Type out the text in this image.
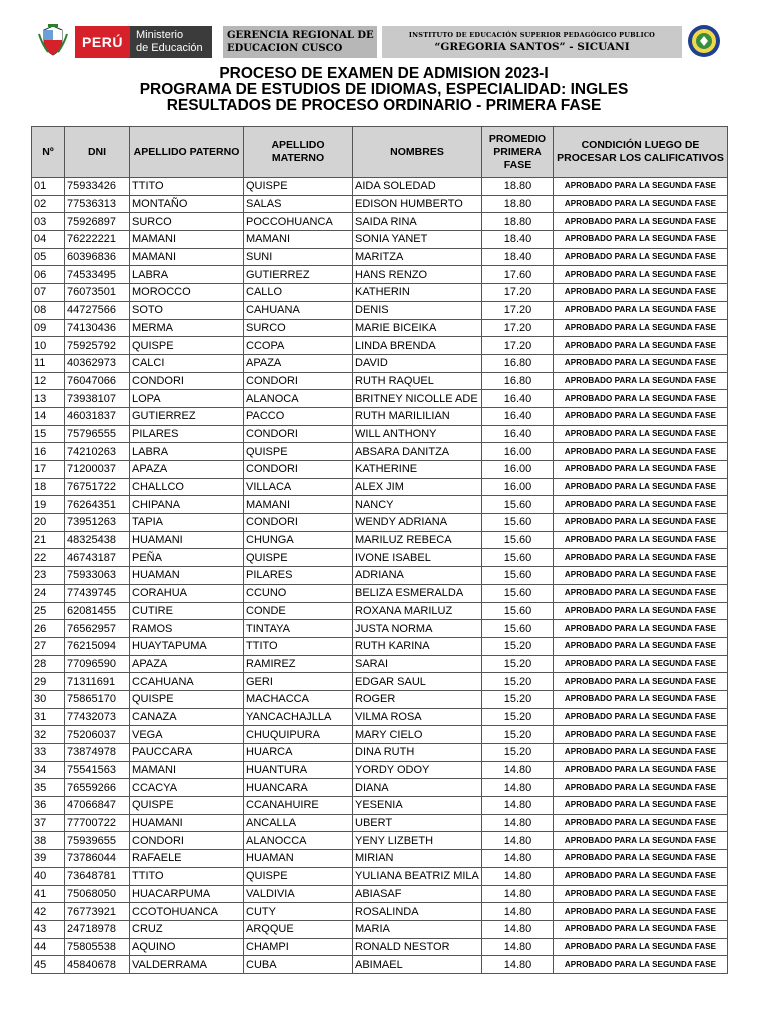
PERÚ	Ministerio
de Educación
GERENCIA REGIONAL DE
EDUCACION CUSCO
INSTITUTO DE EDUCACIÓN SUPERIOR PEDAGÓGICO PUBLICO
“GREGORIA SANTOS” - SICUANI
PROCESO DE EXAMEN DE ADMISION 2023-I
PROGRAMA DE ESTUDIOS DE IDIOMAS, ESPECIALIDAD: INGLES
RESULTADOS DE PROCESO ORDINARIO - PRIMERA FASE
Nº	DNI	APELLIDO PATERNO	APELLIDO MATERNO	NOMBRES	PROMEDIO PRIMERA FASE	CONDICIÓN LUEGO DE PROCESAR LOS CALIFICATIVOS
01	75933426	TTITO	QUISPE	AIDA SOLEDAD	18.80	APROBADO PARA LA SEGUNDA FASE
02	77536313	MONTAÑO	SALAS	EDISON HUMBERTO	18.80	APROBADO PARA LA SEGUNDA FASE
03	75926897	SURCO	POCCOHUANCA	SAIDA RINA	18.80	APROBADO PARA LA SEGUNDA FASE
04	76222221	MAMANI	MAMANI	SONIA YANET	18.40	APROBADO PARA LA SEGUNDA FASE
05	60396836	MAMANI	SUNI	MARITZA	18.40	APROBADO PARA LA SEGUNDA FASE
06	74533495	LABRA	GUTIERREZ	HANS RENZO	17.60	APROBADO PARA LA SEGUNDA FASE
07	76073501	MOROCCO	CALLO	KATHERIN	17.20	APROBADO PARA LA SEGUNDA FASE
08	44727566	SOTO	CAHUANA	DENIS	17.20	APROBADO PARA LA SEGUNDA FASE
09	74130436	MERMA	SURCO	MARIE BICEIKA	17.20	APROBADO PARA LA SEGUNDA FASE
10	75925792	QUISPE	CCOPA	LINDA BRENDA	17.20	APROBADO PARA LA SEGUNDA FASE
11	40362973	CALCI	APAZA	DAVID	16.80	APROBADO PARA LA SEGUNDA FASE
12	76047066	CONDORI	CONDORI	RUTH RAQUEL	16.80	APROBADO PARA LA SEGUNDA FASE
13	73938107	LOPA	ALANOCA	BRITNEY NICOLLE ADE	16.40	APROBADO PARA LA SEGUNDA FASE
14	46031837	GUTIERREZ	PACCO	RUTH MARILILIAN	16.40	APROBADO PARA LA SEGUNDA FASE
15	75796555	PILARES	CONDORI	WILL ANTHONY	16.40	APROBADO PARA LA SEGUNDA FASE
16	74210263	LABRA	QUISPE	ABSARA DANITZA	16.00	APROBADO PARA LA SEGUNDA FASE
17	71200037	APAZA	CONDORI	KATHERINE	16.00	APROBADO PARA LA SEGUNDA FASE
18	76751722	CHALLCO	VILLACA	ALEX JIM	16.00	APROBADO PARA LA SEGUNDA FASE
19	76264351	CHIPANA	MAMANI	NANCY	15.60	APROBADO PARA LA SEGUNDA FASE
20	73951263	TAPIA	CONDORI	WENDY ADRIANA	15.60	APROBADO PARA LA SEGUNDA FASE
21	48325438	HUAMANI	CHUNGA	MARILUZ REBECA	15.60	APROBADO PARA LA SEGUNDA FASE
22	46743187	PEÑA	QUISPE	IVONE ISABEL	15.60	APROBADO PARA LA SEGUNDA FASE
23	75933063	HUAMAN	PILARES	ADRIANA	15.60	APROBADO PARA LA SEGUNDA FASE
24	77439745	CORAHUA	CCUNO	BELIZA ESMERALDA	15.60	APROBADO PARA LA SEGUNDA FASE
25	62081455	CUTIRE	CONDE	ROXANA MARILUZ	15.60	APROBADO PARA LA SEGUNDA FASE
26	76562957	RAMOS	TINTAYA	JUSTA NORMA	15.60	APROBADO PARA LA SEGUNDA FASE
27	76215094	HUAYTAPUMA	TTITO	RUTH KARINA	15.20	APROBADO PARA LA SEGUNDA FASE
28	77096590	APAZA	RAMIREZ	SARAI	15.20	APROBADO PARA LA SEGUNDA FASE
29	71311691	CCAHUANA	GERI	EDGAR SAUL	15.20	APROBADO PARA LA SEGUNDA FASE
30	75865170	QUISPE	MACHACCA	ROGER	15.20	APROBADO PARA LA SEGUNDA FASE
31	77432073	CANAZA	YANCACHAJLLA	VILMA ROSA	15.20	APROBADO PARA LA SEGUNDA FASE
32	75206037	VEGA	CHUQUIPURA	MARY CIELO	15.20	APROBADO PARA LA SEGUNDA FASE
33	73874978	PAUCCARA	HUARCA	DINA RUTH	15.20	APROBADO PARA LA SEGUNDA FASE
34	75541563	MAMANI	HUANTURA	YORDY ODOY	14.80	APROBADO PARA LA SEGUNDA FASE
35	76559266	CCACYA	HUANCARA	DIANA	14.80	APROBADO PARA LA SEGUNDA FASE
36	47066847	QUISPE	CCANAHUIRE	YESENIA	14.80	APROBADO PARA LA SEGUNDA FASE
37	77700722	HUAMANI	ANCALLA	UBERT	14.80	APROBADO PARA LA SEGUNDA FASE
38	75939655	CONDORI	ALANOCCA	YENY LIZBETH	14.80	APROBADO PARA LA SEGUNDA FASE
39	73786044	RAFAELE	HUAMAN	MIRIAN	14.80	APROBADO PARA LA SEGUNDA FASE
40	73648781	TTITO	QUISPE	YULIANA BEATRIZ MILA	14.80	APROBADO PARA LA SEGUNDA FASE
41	75068050	HUACARPUMA	VALDIVIA	ABIASAF	14.80	APROBADO PARA LA SEGUNDA FASE
42	76773921	CCOTOHUANCA	CUTY	ROSALINDA	14.80	APROBADO PARA LA SEGUNDA FASE
43	24718978	CRUZ	ARQQUE	MARIA	14.80	APROBADO PARA LA SEGUNDA FASE
44	75805538	AQUINO	CHAMPI	RONALD NESTOR	14.80	APROBADO PARA LA SEGUNDA FASE
45	45840678	VALDERRAMA	CUBA	ABIMAEL	14.80	APROBADO PARA LA SEGUNDA FASE
